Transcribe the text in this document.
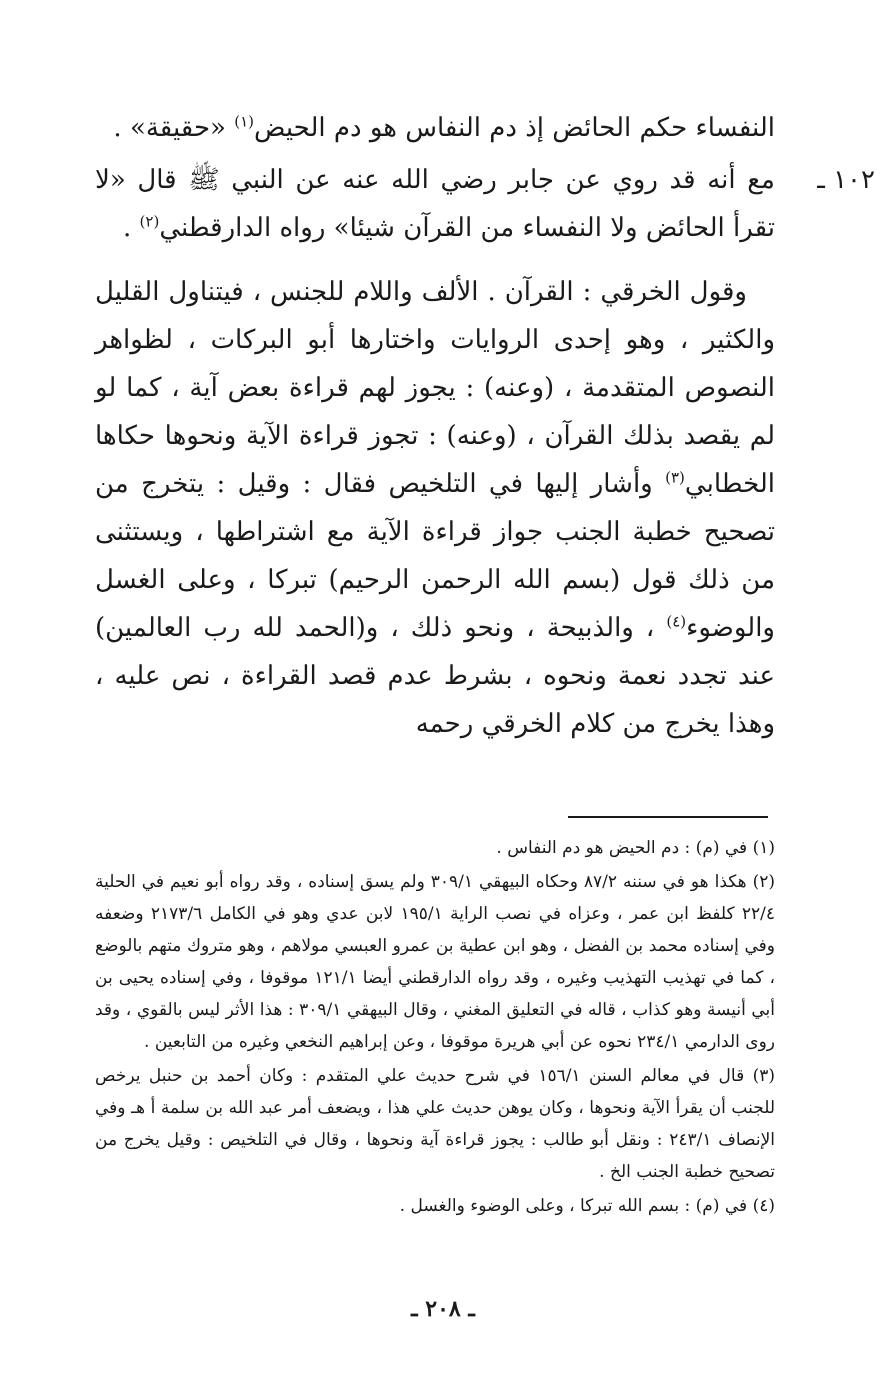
النفساء حكم الحائض إذ دم النفاس هو دم الحيض$^{(١)}$ «حقيقة» .

١٠٢ ـ

مع أنه قد روي عن جابر رضي الله عنه عن النبي ﷺ قال «لا تقرأ الحائض ولا النفساء من القرآن شيئا» رواه الدارقطني$^{(٢)}$ .

وقول الخرقي : القرآن . الألف واللام للجنس ، فيتناول القليل والكثير ، وهو إحدى الروايات واختارها أبو البركات ، لظواهر النصوص المتقدمة ، (وعنه) : يجوز لهم قراءة بعض آية ، كما لو لم يقصد بذلك القرآن ، (وعنه) : تجوز قراءة الآية ونحوها حكاها الخطابي$^{(٣)}$ وأشار إليها في التلخيص فقال : وقيل : يتخرج من تصحيح خطبة الجنب جواز قراءة الآية مع اشتراطها ، ويستثنى من ذلك قول (بسم الله الرحمن الرحيم) تبركا ، وعلى الغسل والوضوء$^{(٤)}$ ، والذبيحة ، ونحو ذلك ، و(الحمد لله رب العالمين) عند تجدد نعمة ونحوه ، بشرط عدم قصد القراءة ، نص عليه ، وهذا يخرج من كلام الخرقي رحمه

(١) في (م) : دم الحيض هو دم النفاس .

(٢) هكذا هو في سننه ٨٧/٢ وحكاه البيهقي ٣٠٩/١ ولم يسق إسناده ، وقد رواه أبو نعيم في الحلية ٢٢/٤ كلفظ ابن عمر ، وعزاه في نصب الراية ١٩٥/١ لابن عدي وهو في الكامل ٢١٧٣/٦ وضعفه وفي إسناده محمد بن الفضل ، وهو ابن عطية بن عمرو العبسي مولاهم ، وهو متروك متهم بالوضع ، كما في تهذيب التهذيب وغيره ، وقد رواه الدارقطني أيضا ١٢١/١ موقوفا ، وفي إسناده يحيى بن أبي أنيسة وهو كذاب ، قاله في التعليق المغني ، وقال البيهقي ٣٠٩/١ : هذا الأثر ليس بالقوي ، وقد روى الدارمي ٢٣٤/١ نحوه عن أبي هريرة موقوفا ، وعن إبراهيم النخعي وغيره من التابعين .

(٣) قال في معالم السنن ١٥٦/١ في شرح حديث علي المتقدم : وكان أحمد بن حنبل يرخص للجنب أن يقرأ الآية ونحوها ، وكان يوهن حديث علي هذا ، ويضعف أمر عبد الله بن سلمة أ هـ وفي الإنصاف ٢٤٣/١ : ونقل أبو طالب : يجوز قراءة آية ونحوها ، وقال في التلخيص : وقيل يخرج من تصحيح خطبة الجنب الخ .

(٤) في (م) : بسم الله تبركا ، وعلى الوضوء والغسل .

ـ ٢٠٨ ـ
